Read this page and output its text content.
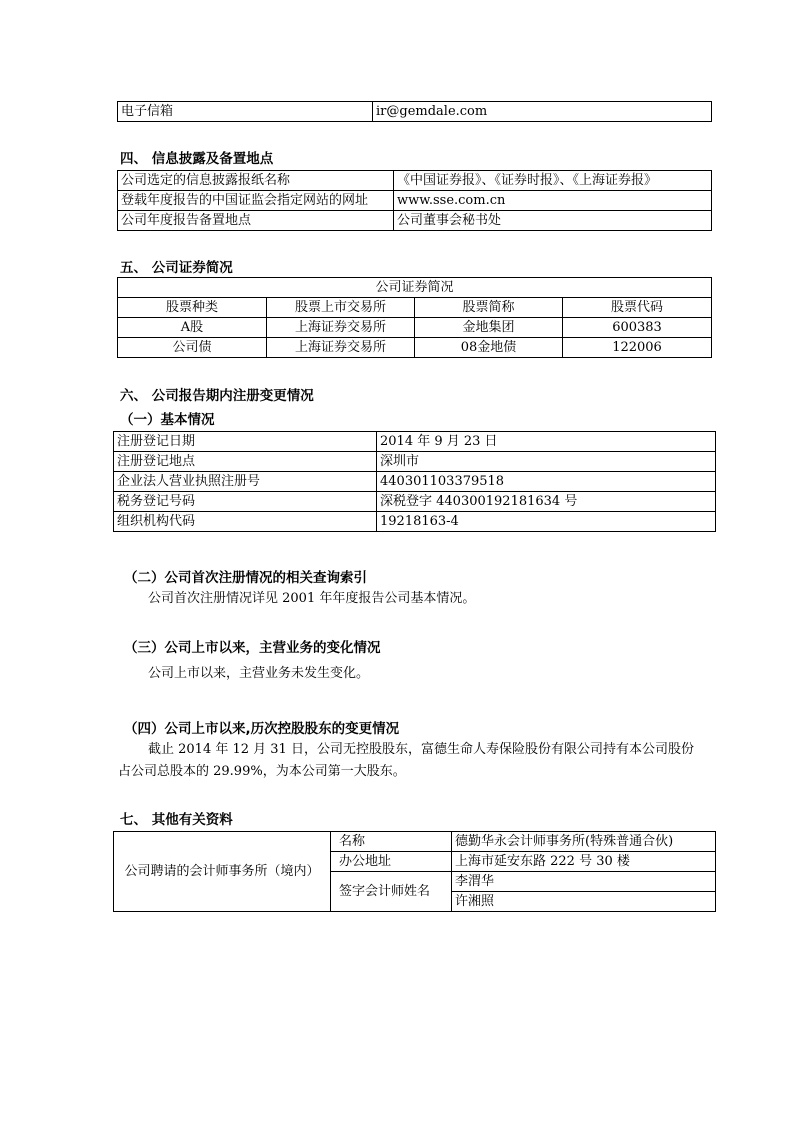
电子信箱	ir@gemdale.com
四、 信息披露及备置地点
公司选定的信息披露报纸名称	《中国证券报》、《证券时报》、《上海证券报》
登载年度报告的中国证监会指定网站的网址	www.sse.com.cn
公司年度报告备置地点	公司董事会秘书处
五、 公司证券简况
公司证券简况			
股票种类	股票上市交易所	股票简称	股票代码
A股	上海证券交易所	金地集团	600383
公司债	上海证券交易所	08金地债	122006
六、 公司报告期内注册变更情况
（一）基本情况
注册登记日期	2014 年 9 月 23 日
注册登记地点	深圳市
企业法人营业执照注册号	440301103379518
税务登记号码	深税登字 440300192181634 号
组织机构代码	19218163-4
（二）公司首次注册情况的相关查询索引
公司首次注册情况详见 2001 年年度报告公司基本情况。
（三）公司上市以来，主营业务的变化情况
公司上市以来，主营业务未发生变化。
（四）公司上市以来,历次控股股东的变更情况
截止 2014 年 12 月 31 日，公司无控股股东，富德生命人寿保险股份有限公司持有本公司股份
占公司总股本的 29.99%，为本公司第一大股东。
七、 其他有关资料
公司聘请的会计师事务所（境内）	名称	德勤华永会计师事务所(特殊普通合伙)
	办公地址	上海市延安东路 222 号 30 楼
	签字会计师姓名	李渭华
		许湘照
